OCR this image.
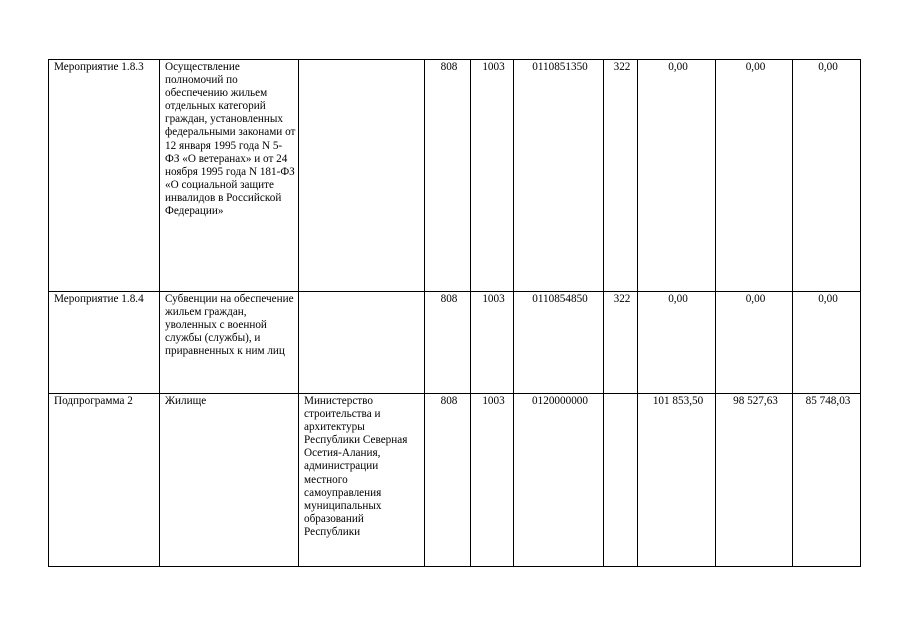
Мероприятие 1.8.3	Осуществление полномочий по обеспечению жильем отдельных категорий граждан, установленных федеральными законами от 12 января 1995 года N 5-ФЗ «О ветеранах» и от 24 ноября 1995 года N 181-ФЗ «О социальной защите инвалидов в Российской Федерации»		808	1003	0110851350	322	0,00	0,00	0,00
Мероприятие 1.8.4	Субвенции на обеспечение жильем граждан, уволенных с военной службы (службы), и приравненных к ним лиц		808	1003	0110854850	322	0,00	0,00	0,00
Подпрограмма 2	Жилище	Министерство строительства и архитектуры Республики Северная Осетия-Алания, администрации местного самоуправления муниципальных образований Республики	808	1003	0120000000		101 853,50	98 527,63	85 748,03
